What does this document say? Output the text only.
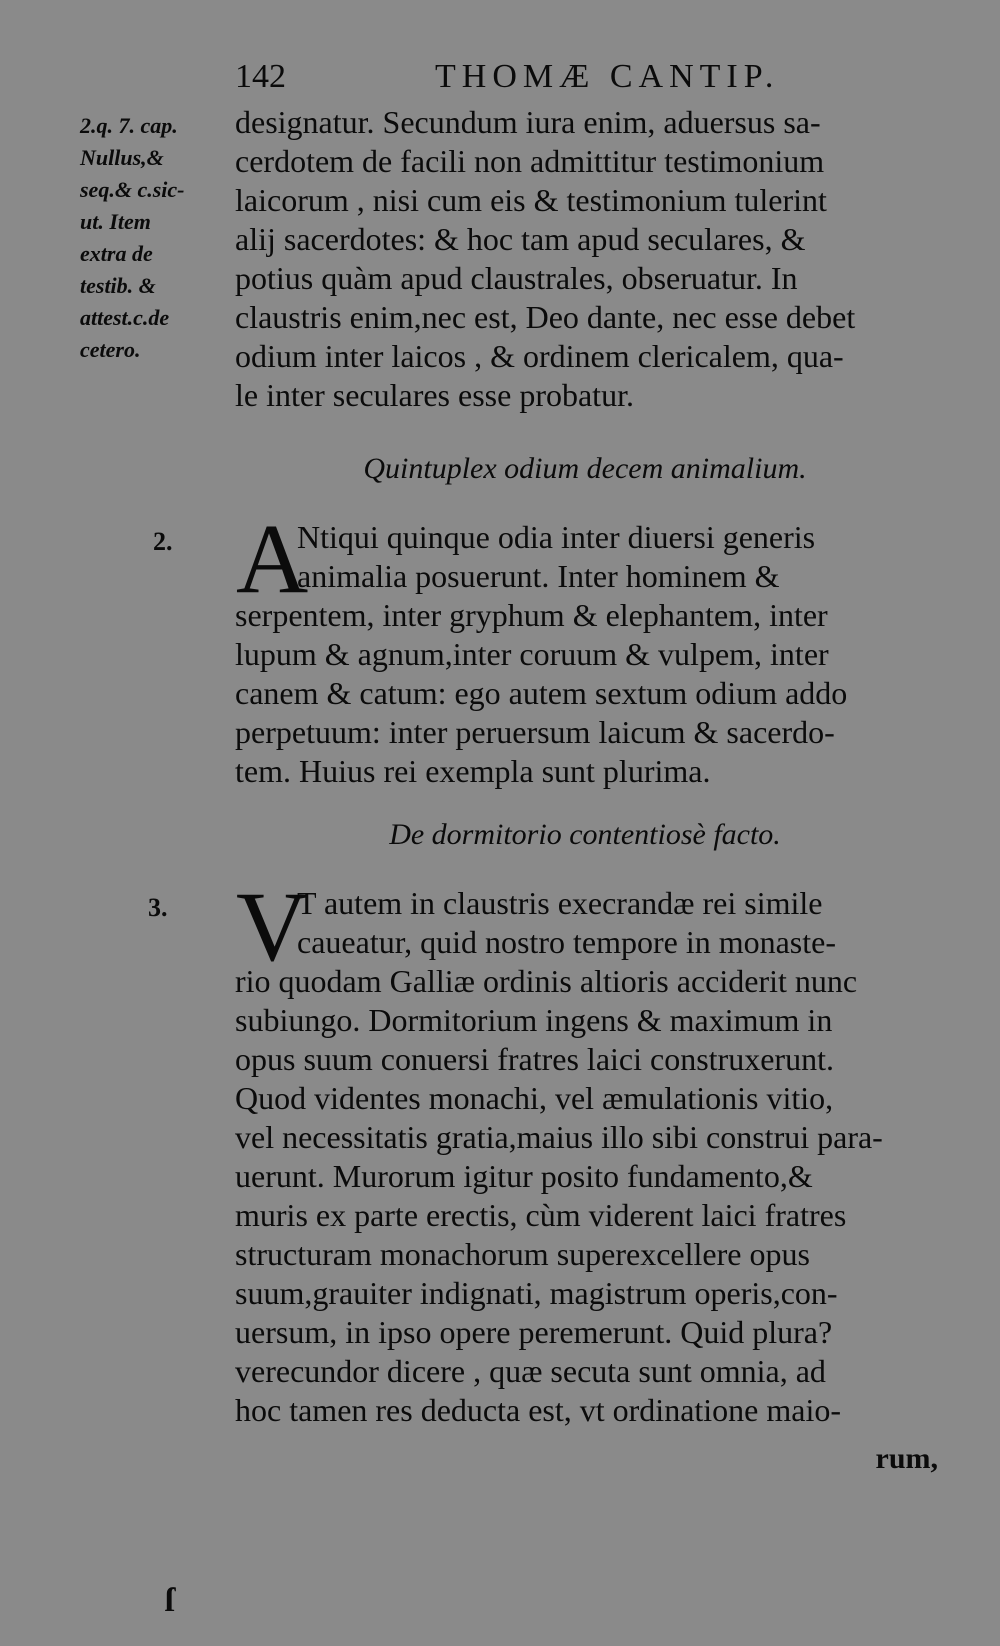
142	THOMÆ CANTIP.
2.q. 7. cap.
Nullus,&
seq.& c.sic-
ut. Item
extra de
testib. &
attest.c.de
cetero.
designatur. Secundum iura enim, aduersus sa-
cerdotem de facili non admittitur testimonium
laicorum , nisi cum eis & testimonium tulerint
alij sacerdotes: & hoc tam apud seculares, &
potius quàm apud claustrales, obseruatur. In
claustris enim,nec est, Deo dante, nec esse debet
odium inter laicos , & ordinem clericalem, qua-
le inter seculares esse probatur.
Quintuplex odium decem animalium.
2. A
Ntiqui quinque odia inter diuersi generis
animalia posuerunt. Inter hominem &
serpentem, inter gryphum & elephantem, inter
lupum & agnum,inter coruum & vulpem, inter
canem & catum: ego autem sextum odium addo
perpetuum: inter peruersum laicum & sacerdo-
tem. Huius rei exempla sunt plurima.
De dormitorio contentiosè facto.
3. V
T autem in claustris execrandæ rei simile
caueatur, quid nostro tempore in monaste-
rio quodam Galliæ ordinis altioris acciderit nunc
subiungo. Dormitorium ingens & maximum in
opus suum conuersi fratres laici construxerunt.
Quod videntes monachi, vel æmulationis vitio,
vel necessitatis gratia,maius illo sibi construi para-
uerunt. Murorum igitur posito fundamento,&
muris ex parte erectis, cùm viderent laici fratres
structuram monachorum superexcellere opus
suum,grauiter indignati, magistrum operis,con-
uersum, in ipso opere peremerunt. Quid plura?
verecundor dicere , quæ secuta sunt omnia, ad
hoc tamen res deducta est, vt ordinatione maio-
rum,
ſ
